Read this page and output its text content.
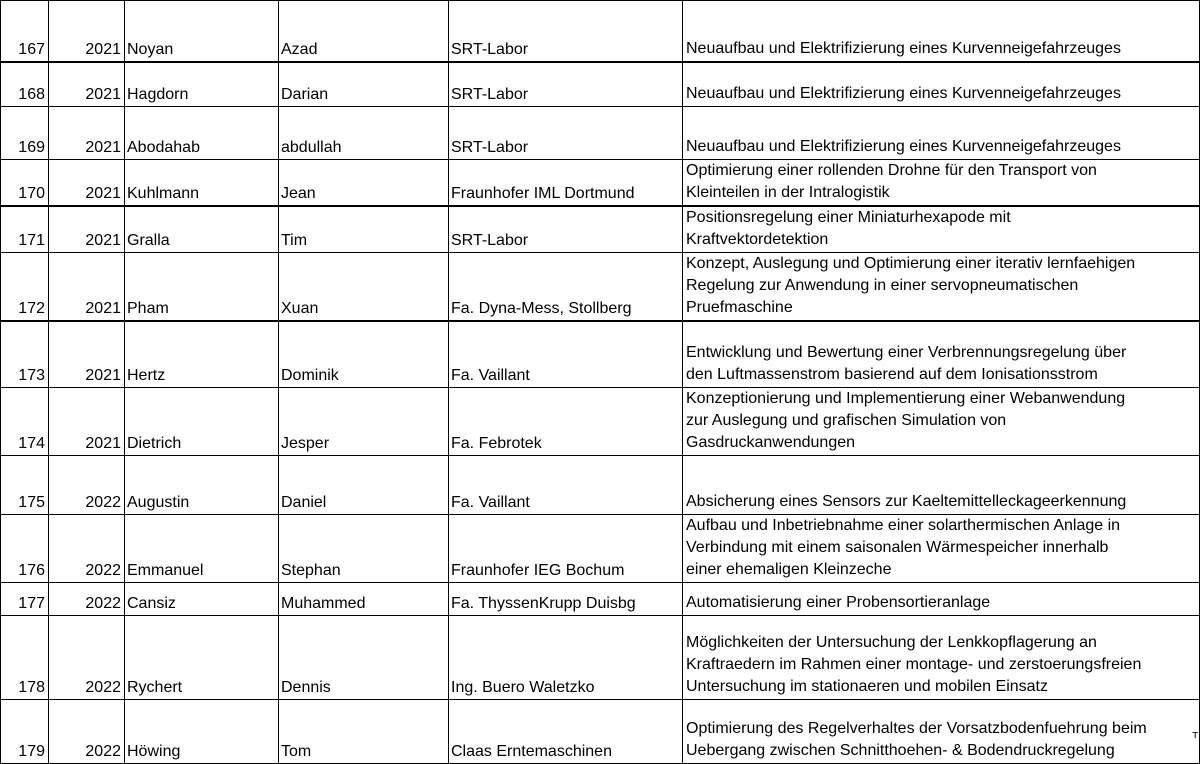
167	2021	Noyan	Azad	SRT-Labor	Neuaufbau und Elektrifizierung eines Kurvenneigefahrzeuges

168	2021	Hagdorn	Darian	SRT-Labor	Neuaufbau und Elektrifizierung eines Kurvenneigefahrzeuges

169	2021	Abodahab	abdullah	SRT-Labor	Neuaufbau und Elektrifizierung eines Kurvenneigefahrzeuges

170	2021	Kuhlmann	Jean	Fraunhofer IML Dortmund	Optimierung einer rollenden Drohne für den Transport von
Kleinteilen in der Intralogistik

171	2021	Gralla	Tim	SRT-Labor	Positionsregelung einer Miniaturhexapode mit
Kraftvektordetektion

172	2021	Pham	Xuan	Fa. Dyna-Mess, Stollberg	Konzept, Auslegung und Optimierung einer iterativ lernfaehigen
Regelung zur Anwendung in einer servopneumatischen
Pruefmaschine

173	2021	Hertz	Dominik	Fa. Vaillant	Entwicklung und Bewertung einer Verbrennungsregelung über
den Luftmassenstrom basierend auf dem Ionisationsstrom

174	2021	Dietrich	Jesper	Fa. Febrotek	Konzeptionierung und Implementierung einer Webanwendung
zur Auslegung und grafischen Simulation von
Gasdruckanwendungen

175	2022	Augustin	Daniel	Fa. Vaillant	Absicherung eines Sensors zur Kaeltemittelleckageerkennung

176	2022	Emmanuel	Stephan	Fraunhofer IEG Bochum	Aufbau und Inbetriebnahme einer solarthermischen Anlage in
Verbindung mit einem saisonalen Wärmespeicher innerhalb
einer ehemaligen Kleinzeche

177	2022	Cansiz	Muhammed	Fa. ThyssenKrupp Duisbg	Automatisierung einer Probensortieranlage

178	2022	Rychert	Dennis	Ing. Buero Waletzko	Möglichkeiten der Untersuchung der Lenkkopflagerung an
Kraftraedern im Rahmen einer montage- und zerstoerungsfreien
Untersuchung im stationaeren und mobilen Einsatz

179	2022	Höwing	Tom	Claas Erntemaschinen	Optimierung des Regelverhaltes der Vorsatzbodenfuehrung beim
Uebergang zwischen Schnitthoehen- & Bodendruckregelung
т
